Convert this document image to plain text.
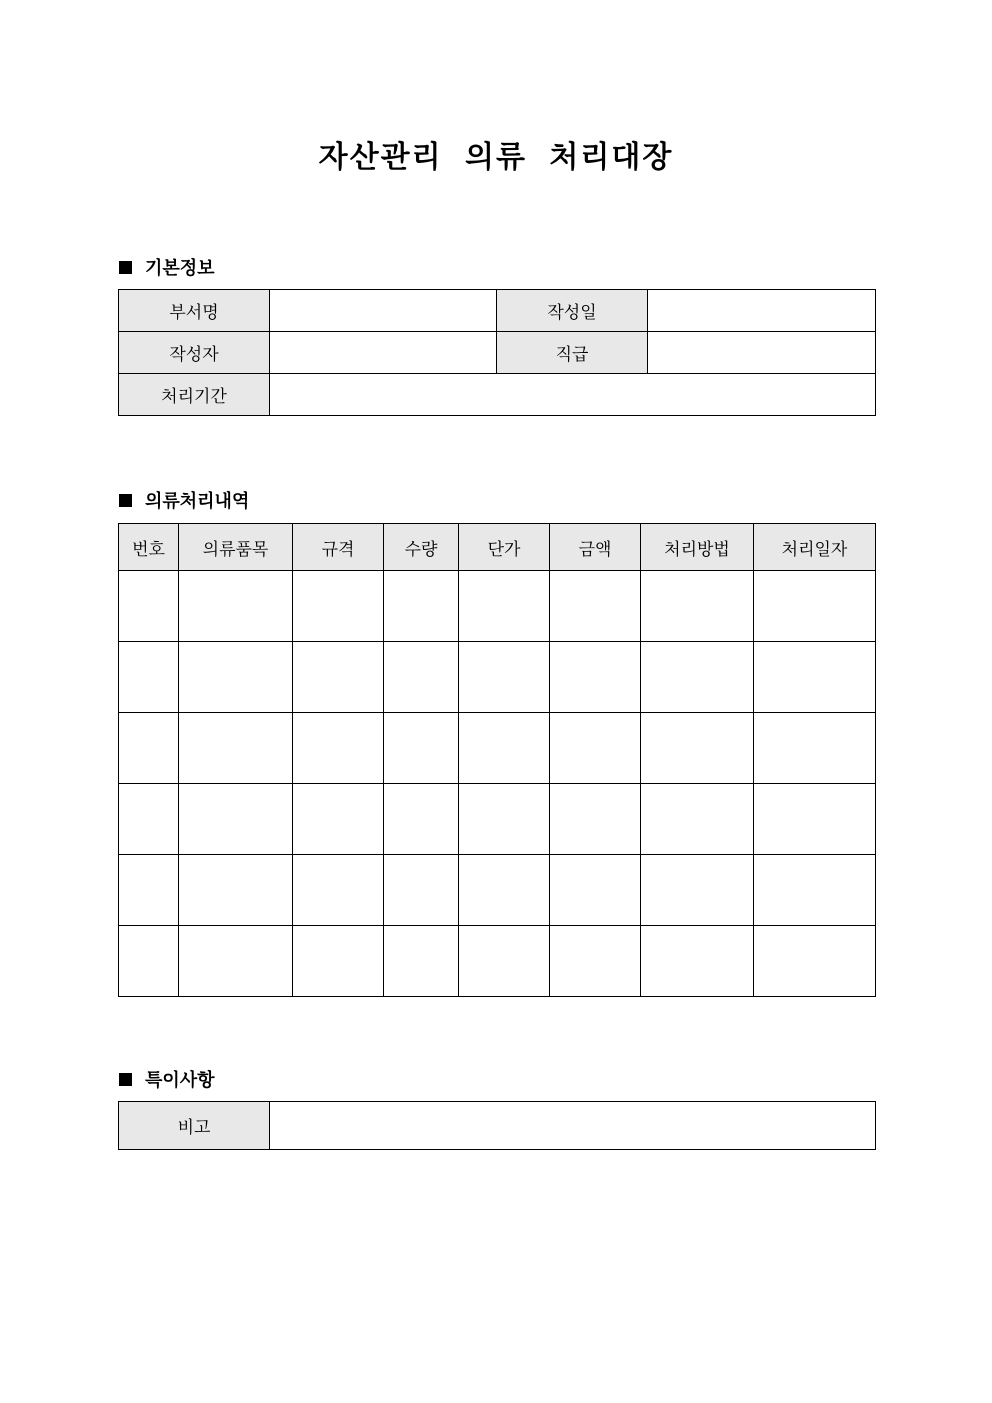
자산관리 의류 처리대장
기본정보
부서명		작성일	
작성자		직급	
처리기간			
의류처리내역
번호	의류품목	규격	수량	단가	금액	처리방법	처리일자

특이사항
비고	
